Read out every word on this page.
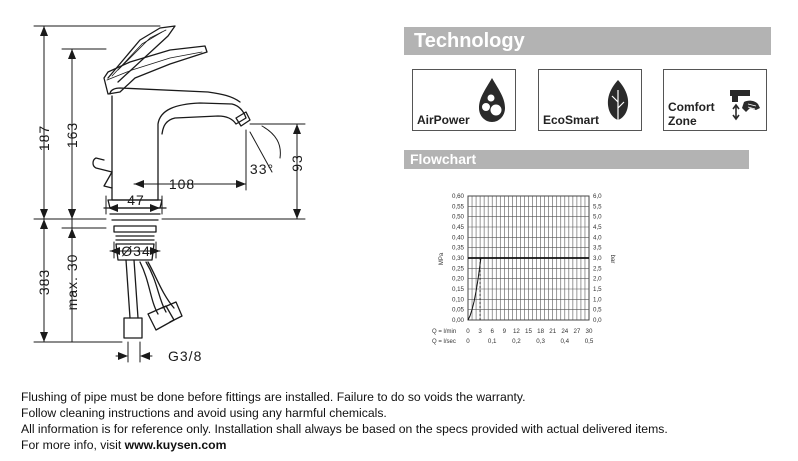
187 163
383 max. 30
108
47
Ø34
33° 93
G3/8
0,60	6,0
0,55	5,5
0,50	5,0
0,45	4,5
0,40	4,0
0,35	3,5
0,30	3,0
0,25	2,5
0,20	2,0
0,15	1,5
0,10	1,0
0,05	0,5
0,00	0,0
0 3 6 9 12 15 18 21 24 27 30
0	0,1	0,2	0,3	0,4	0,5
MPa	bar
Q = l/min
Q = l/sec
Technology
AirPower	EcoSmart
Comfort
Zone
Flowchart
Flushing of pipe must be done before fittings are installed. Failure to do so voids the warranty.
Follow cleaning instructions and avoid using any harmful chemicals.
All information is for reference only. Installation shall always be based on the specs provided with actual delivered items.
For more info, visit www.kuysen.com
